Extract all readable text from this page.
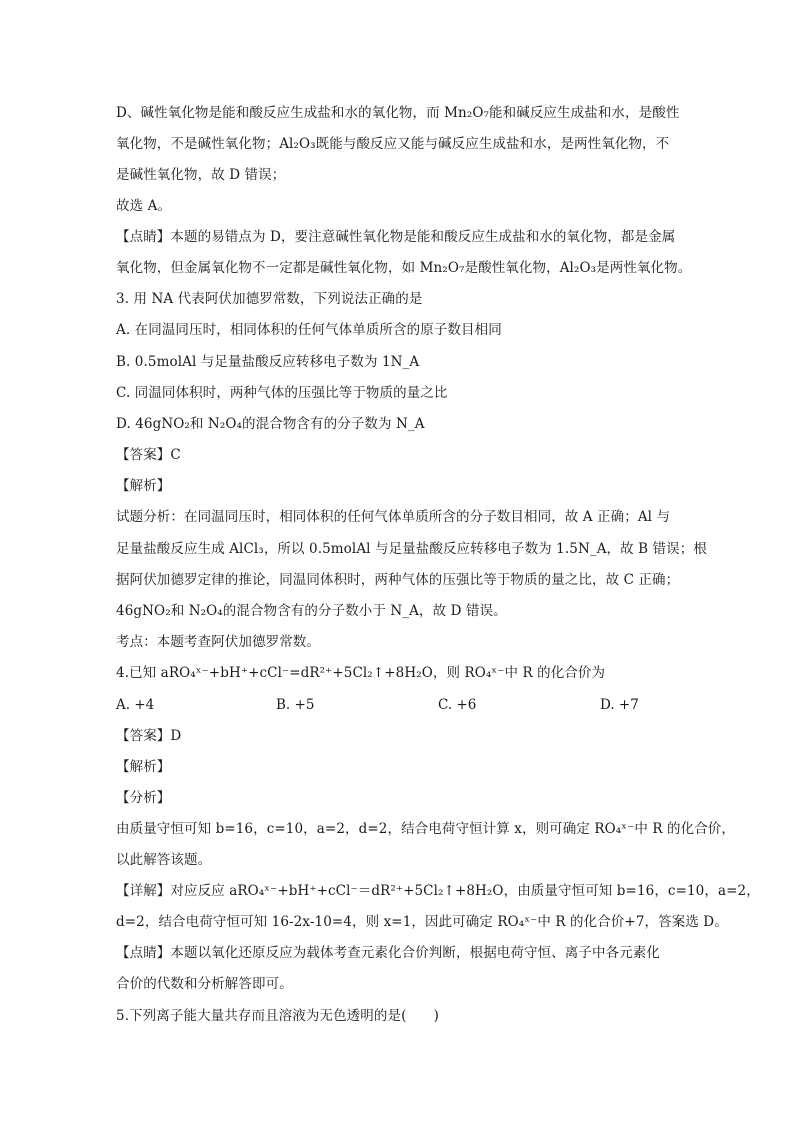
D、碱性氧化物是能和酸反应生成盐和水的氧化物，而 Mn₂O₇能和碱反应生成盐和水，是酸性
氧化物，不是碱性氧化物；Al₂O₃既能与酸反应又能与碱反应生成盐和水，是两性氧化物，不
是碱性氧化物，故 D 错误；
故选 A。
【点睛】本题的易错点为 D，要注意碱性氧化物是能和酸反应生成盐和水的氧化物，都是金属
氧化物，但金属氧化物不一定都是碱性氧化物，如 Mn₂O₇是酸性氧化物，Al₂O₃是两性氧化物。
3. 用 NA 代表阿伏加德罗常数，下列说法正确的是
A. 在同温同压时，相同体积的任何气体单质所含的原子数目相同
B. 0.5molAl 与足量盐酸反应转移电子数为 1N_A
C. 同温同体积时，两种气体的压强比等于物质的量之比
D. 46gNO₂和 N₂O₄的混合物含有的分子数为 N_A
【答案】C
【解析】
试题分析：在同温同压时，相同体积的任何气体单质所含的分子数目相同，故 A 正确；Al 与
足量盐酸反应生成 AlCl₃，所以 0.5molAl 与足量盐酸反应转移电子数为 1.5N_A，故 B 错误；根
据阿伏加德罗定律的推论，同温同体积时，两种气体的压强比等于物质的量之比，故 C 正确；
46gNO₂和 N₂O₄的混合物含有的分子数小于 N_A，故 D 错误。
考点：本题考查阿伏加德罗常数。
4.已知 aRO₄ˣ⁻+bH⁺+cCl⁻=dR²⁺+5Cl₂↑+8H₂O，则 RO₄ˣ⁻中 R 的化合价为
A. +4	B. +5	C. +6	D. +7
【答案】D
【解析】
【分析】
由质量守恒可知 b=16，c=10，a=2，d=2，结合电荷守恒计算 x，则可确定 RO₄ˣ⁻中 R 的化合价，
以此解答该题。
【详解】对应反应 aRO₄ˣ⁻+bH⁺+cCl⁻＝dR²⁺+5Cl₂↑+8H₂O，由质量守恒可知 b=16，c=10，a=2，
d=2，结合电荷守恒可知 16-2x-10=4，则 x=1，因此可确定 RO₄ˣ⁻中 R 的化合价+7，答案选 D。
【点睛】本题以氧化还原反应为载体考查元素化合价判断，根据电荷守恒、离子中各元素化
合价的代数和分析解答即可。
5.下列离子能大量共存而且溶液为无色透明的是(　　)
